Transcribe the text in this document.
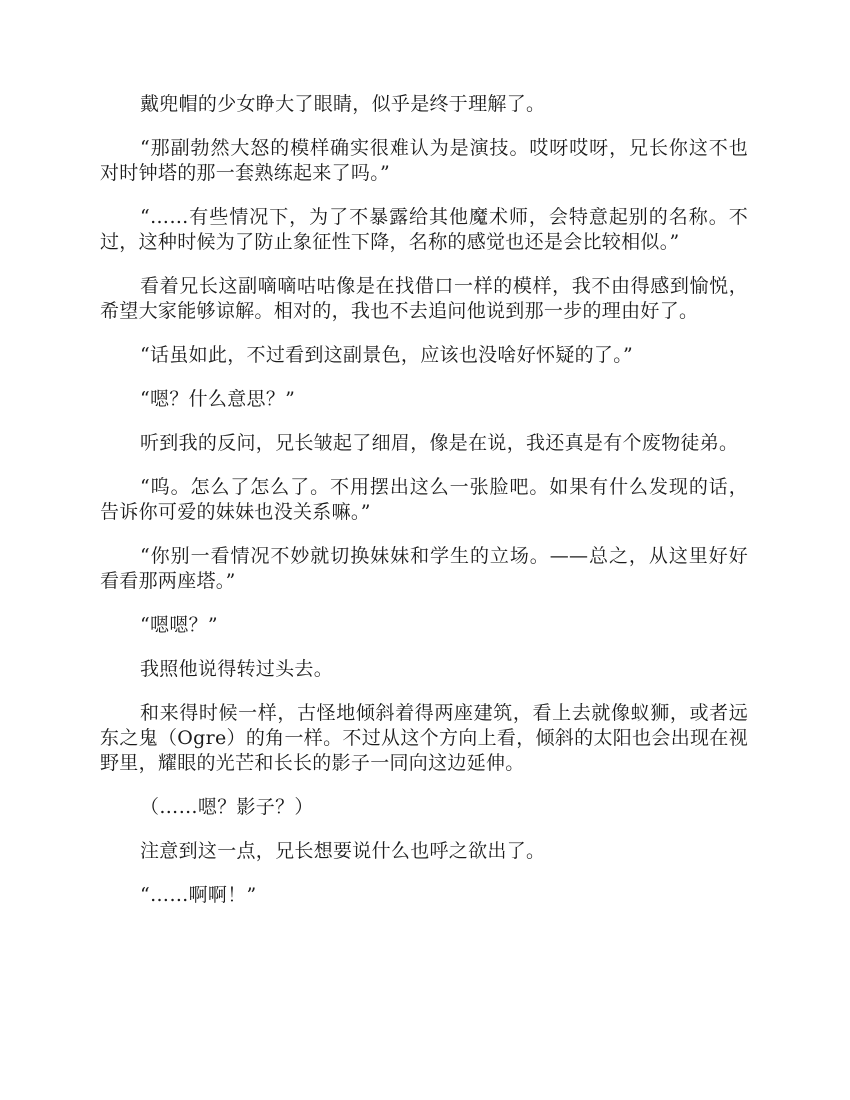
戴兜帽的少女睁大了眼睛，似乎是终于理解了。

“那副勃然大怒的模样确实很难认为是演技。哎呀哎呀，兄长你这不也对时钟塔的那一套熟练起来了吗。”

“……有些情况下，为了不暴露给其他魔术师，会特意起别的名称。不过，这种时候为了防止象征性下降，名称的感觉也还是会比较相似。”

看着兄长这副嘀嘀咕咕像是在找借口一样的模样，我不由得感到愉悦，希望大家能够谅解。相对的，我也不去追问他说到那一步的理由好了。

“话虽如此，不过看到这副景色，应该也没啥好怀疑的了。”

“嗯？什么意思？”

听到我的反问，兄长皱起了细眉，像是在说，我还真是有个废物徒弟。

“呜。怎么了怎么了。不用摆出这么一张脸吧。如果有什么发现的话，告诉你可爱的妹妹也没关系嘛。”

“你别一看情况不妙就切换妹妹和学生的立场。——总之，从这里好好看看那两座塔。”

“嗯嗯？”

我照他说得转过头去。

和来得时候一样，古怪地倾斜着得两座建筑，看上去就像蚁狮，或者远东之鬼（Ogre）的角一样。不过从这个方向上看，倾斜的太阳也会出现在视野里，耀眼的光芒和长长的影子一同向这边延伸。

（……嗯？影子？）

注意到这一点，兄长想要说什么也呼之欲出了。

“……啊啊！”
